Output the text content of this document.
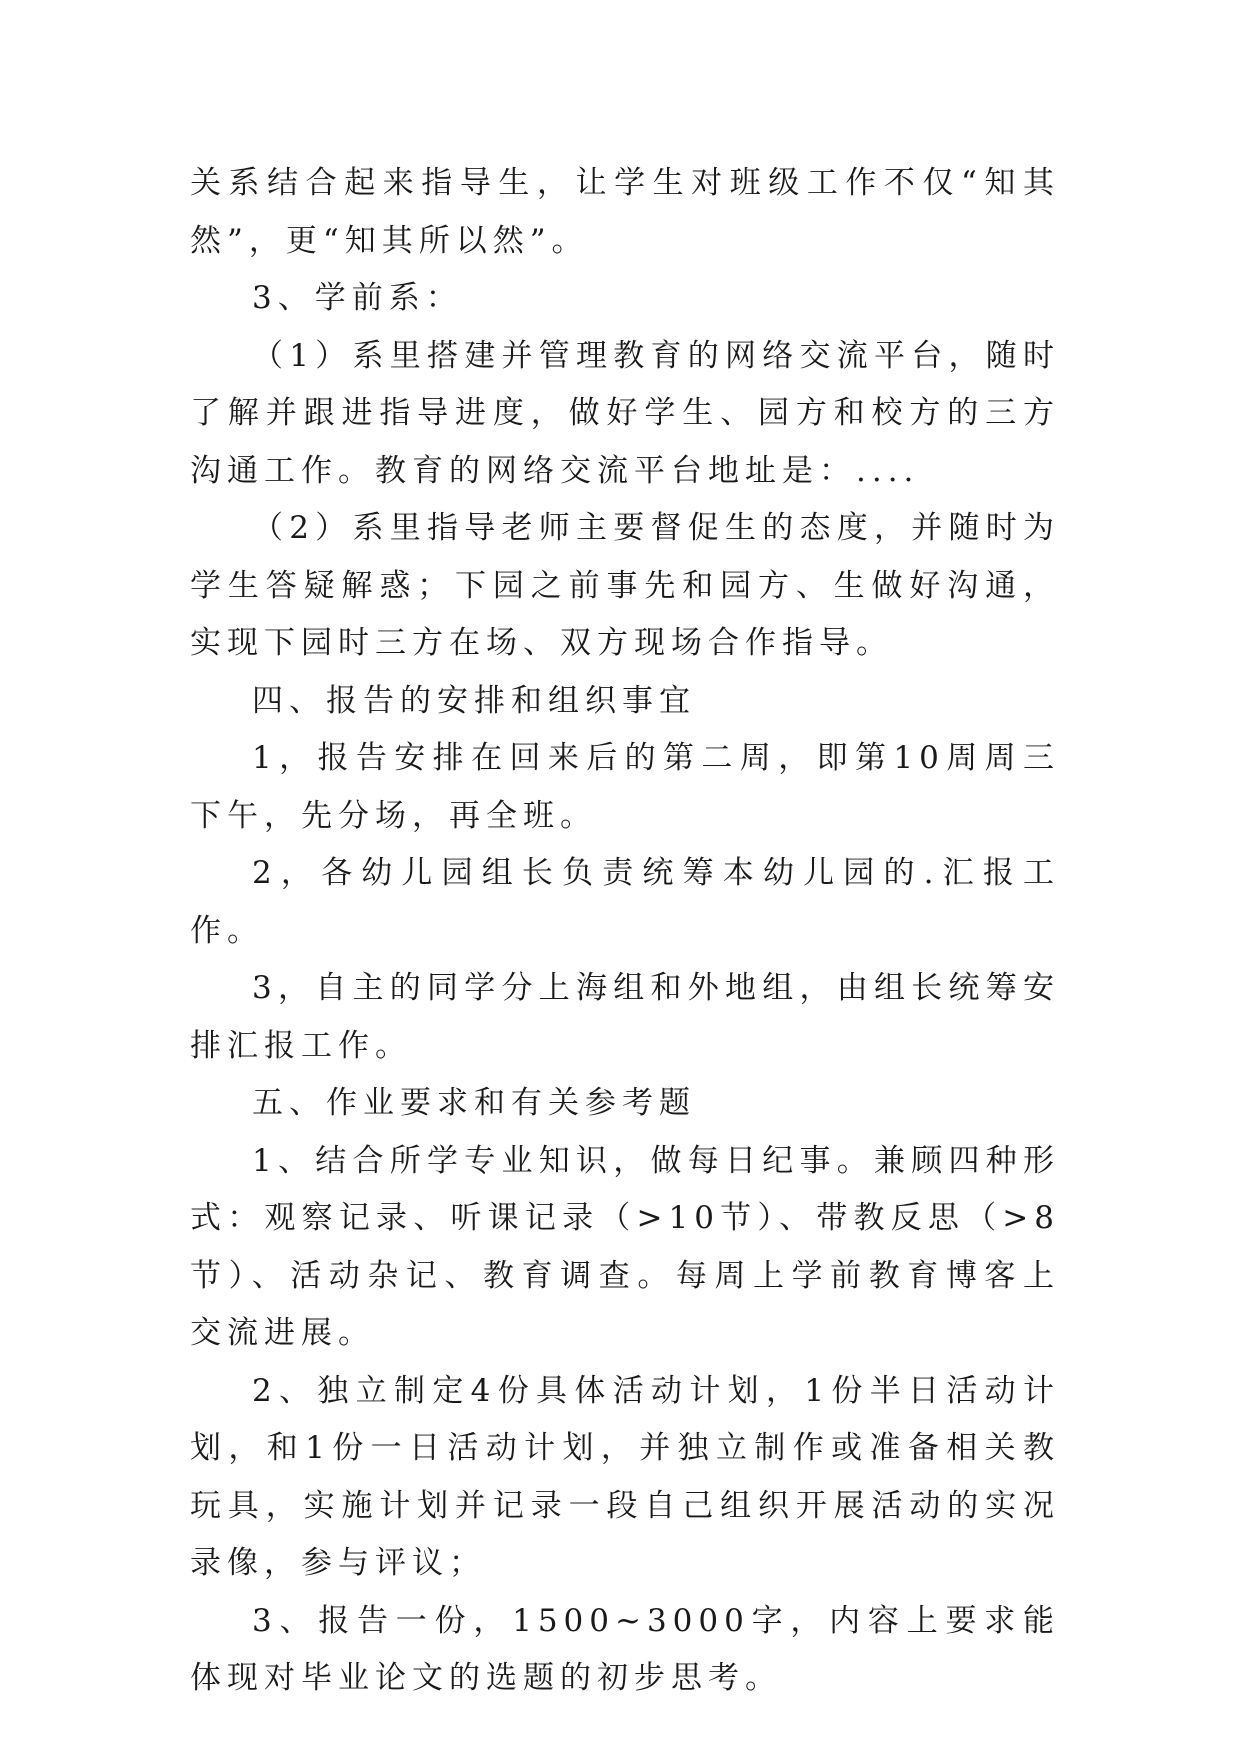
关系结合起来指导生，让学生对班级工作不仅“知其然”，更“知其所以然”。

3、学前系：

（1）系里搭建并管理教育的网络交流平台，随时了解并跟进指导进度，做好学生、园方和校方的三方沟通工作。教育的网络交流平台地址是：....

（2）系里指导老师主要督促生的态度，并随时为学生答疑解惑；下园之前事先和园方、生做好沟通，实现下园时三方在场、双方现场合作指导。

四、报告的安排和组织事宜

1，报告安排在回来后的第二周，即第10周周三下午，先分场，再全班。

2，各幼儿园组长负责统筹本幼儿园的.汇报工作。

3，自主的同学分上海组和外地组，由组长统筹安排汇报工作。

五、作业要求和有关参考题

1、结合所学专业知识，做每日纪事。兼顾四种形式：观察记录、听课记录（>10节）、带教反思（>8节）、活动杂记、教育调查。每周上学前教育博客上交流进展。

2、独立制定4份具体活动计划，1份半日活动计划，和1份一日活动计划，并独立制作或准备相关教玩具，实施计划并记录一段自己组织开展活动的实况录像，参与评议；

3、报告一份，1500~3000字，内容上要求能体现对毕业论文的选题的初步思考。
